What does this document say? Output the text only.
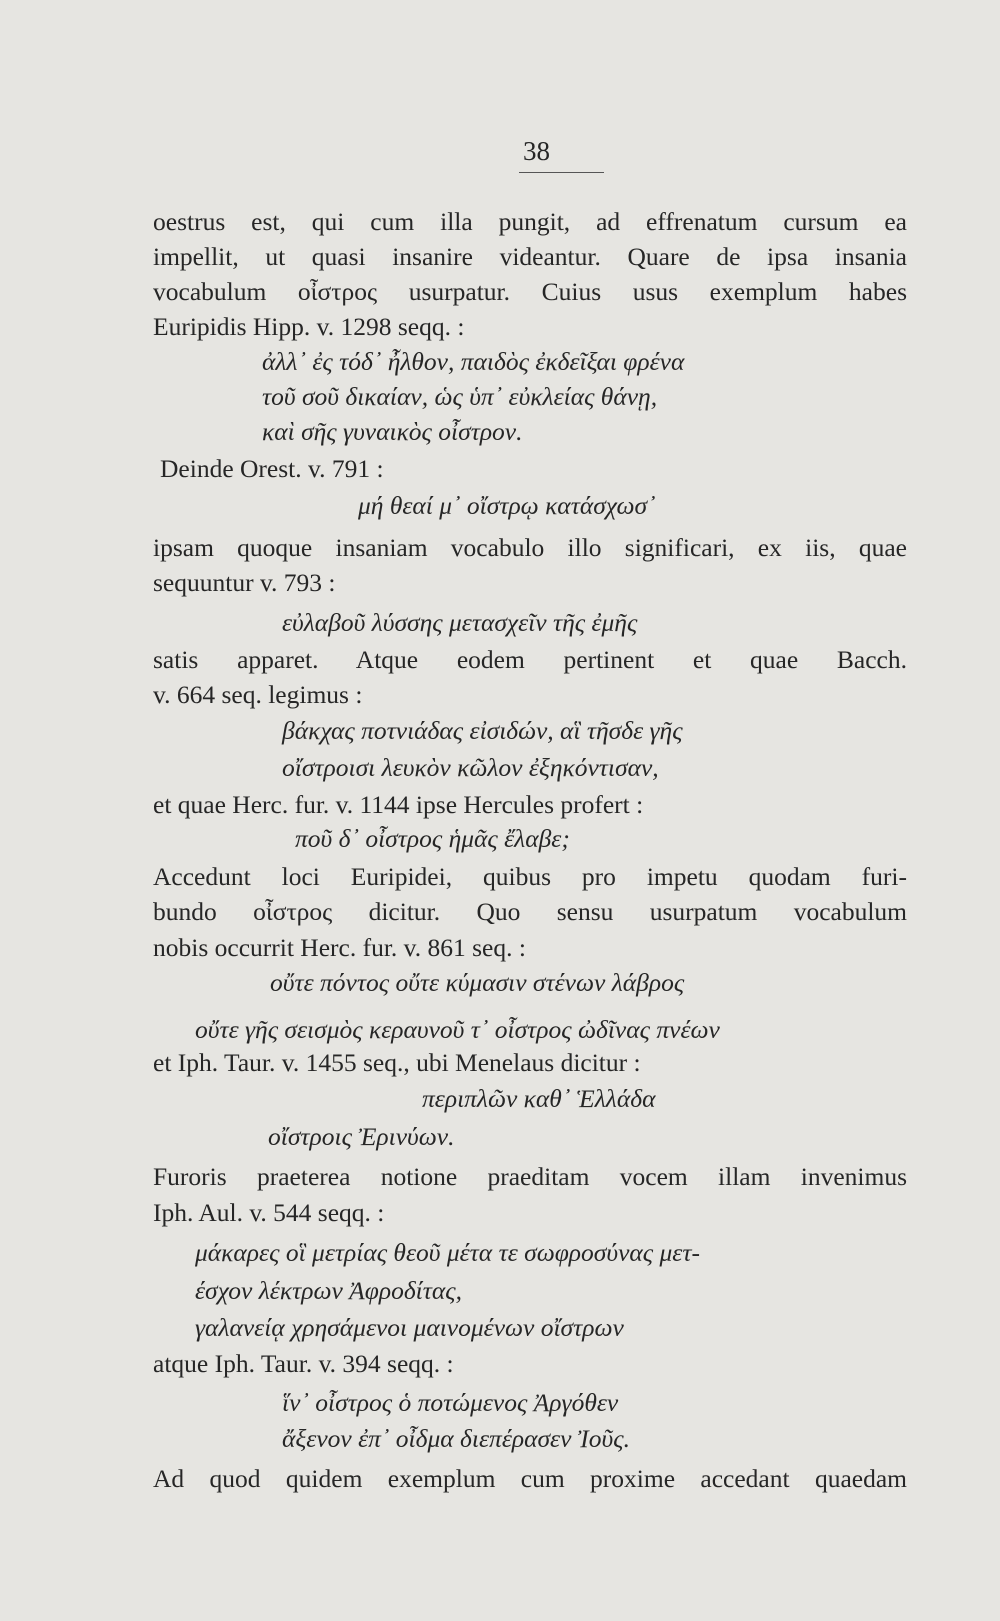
38
oestrus est, qui cum illa pungit, ad effrenatum cursum ea
impellit, ut quasi insanire videantur. Quare de ipsa insania
vocabulum οἶστρος usurpatur. Cuius usus exemplum habes
Euripidis Hipp. v. 1298 seqq. :
ἀλλ᾽ ἐς τόδ᾽ ἦλθον, παιδὸς ἐκδεῖξαι φρένα
τοῦ σοῦ δικαίαν, ὡς ὑπ᾽ εὐκλείας θάνῃ,
καὶ σῆς γυναικὸς οἶστρον.
Deinde Orest. v. 791 :
μή θεαί μ᾽ οἴστρῳ κατάσχωσ᾽
ipsam quoque insaniam vocabulo illo significari, ex iis, quae
sequuntur v. 793 :
εὐλαβοῦ λύσσης μετασχεῖν τῆς ἐμῆς
satis apparet. Atque eodem pertinent et quae Bacch.
v. 664 seq. legimus :
βάκχας ποτνιάδας εἰσιδών, αἳ τῆσδε γῆς
οἴστροισι λευκὸν κῶλον ἐξηκόντισαν,
et quae Herc. fur. v. 1144 ipse Hercules profert :
ποῦ δ᾽ οἶστρος ἡμᾶς ἔλαβε;
Accedunt loci Euripidei, quibus pro impetu quodam furi-
bundo οἶστρος dicitur. Quo sensu usurpatum vocabulum
nobis occurrit Herc. fur. v. 861 seq. :
οὔτε πόντος οὔτε κύμασιν στένων λάβρος
οὔτε γῆς σεισμὸς κεραυνοῦ τ᾽ οἶστρος ὠδῖνας πνέων
et Iph. Taur. v. 1455 seq., ubi Menelaus dicitur :
περιπλῶν καθ᾽ Ἑλλάδα
οἴστροις Ἐρινύων.
Furoris praeterea notione praeditam vocem illam invenimus
Iph. Aul. v. 544 seqq. :
μάκαρες οἳ μετρίας θεοῦ μέτα τε σωφροσύνας μετ-
έσχον λέκτρων Ἀφροδίτας,
γαλανείᾳ χρησάμενοι μαινομένων οἴστρων
atque Iph. Taur. v. 394 seqq. :
ἵν᾽ οἶστρος ὁ ποτώμενος Ἀργόθεν
ἄξενον ἐπ᾽ οἶδμα διεπέρασεν Ἰοῦς.
Ad quod quidem exemplum cum proxime accedant quaedam
